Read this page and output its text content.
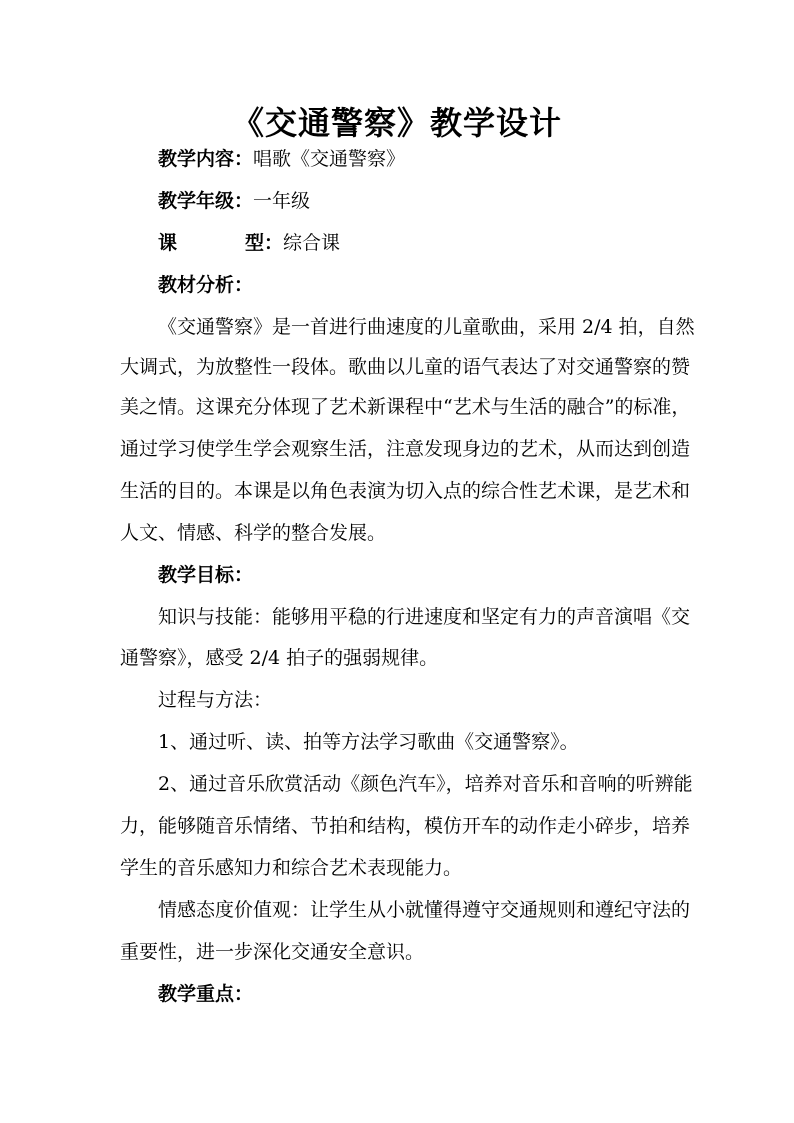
《交通警察》教学设计
教学内容：唱歌《交通警察》
教学年级：一年级
课	型：综合课
教材分析：
《交通警察》是一首进行曲速度的儿童歌曲，采用 2/4 拍，自然
大调式，为放整性一段体。歌曲以儿童的语气表达了对交通警察的赞
美之情。这课充分体现了艺术新课程中“艺术与生活的融合”的标准，
通过学习使学生学会观察生活，注意发现身边的艺术，从而达到创造
生活的目的。本课是以角色表演为切入点的综合性艺术课，是艺术和
人文、情感、科学的整合发展。
教学目标：
知识与技能：能够用平稳的行进速度和坚定有力的声音演唱《交
通警察》，感受 2/4 拍子的强弱规律。
过程与方法：
1、通过听、读、拍等方法学习歌曲《交通警察》。
2、通过音乐欣赏活动《颜色汽车》，培养对音乐和音响的听辨能
力，能够随音乐情绪、节拍和结构，模仿开车的动作走小碎步，培养
学生的音乐感知力和综合艺术表现能力。
情感态度价值观：让学生从小就懂得遵守交通规则和遵纪守法的
重要性，进一步深化交通安全意识。
教学重点：
